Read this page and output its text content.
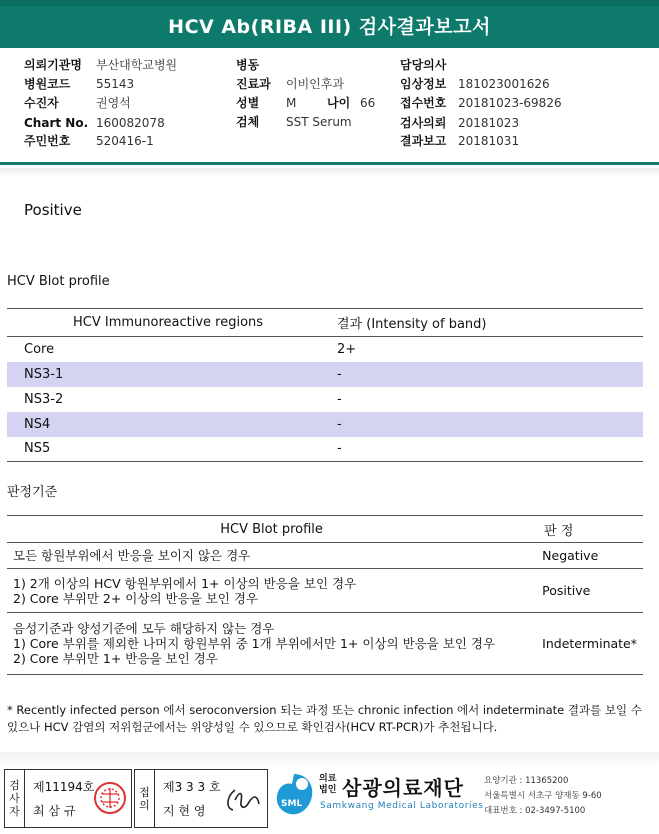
HCV Ab(RIBA III) 검사결과보고서
의뢰기관명 부산대학교병원
병원코드 55143
수진자	권영석
Chart No. 160082078
주민번호 520416-1
병동
진료과 이비인후과
성별 M	나이 66
검체 SST Serum
담당의사
임상정보 181023001626
접수번호 20181023-69826
검사의뢰 20181023
결과보고 20181031
Positive
HCV Blot profile
HCV Immunoreactive regions	결과 (Intensity of band)
Core	2+
NS3-1	-
NS3-2	-
NS4	-
NS5	-
판정기준
HCV Blot profile	판 정

모든 항원부위에서 반응을 보이지 않은 경우	Negative

1) 2개 이상의 HCV 항원부위에서 1+ 이상의 반응을 보인 경우
2) Core 부위만 2+ 이상의 반응을 보인 경우	Positive

음성기준과 양성기준에 모두 해당하지 않는 경우
1) Core 부위를 제외한 나머지 항원부위 중 1개 부위에서만 1+ 이상의 반응을 보인 경우
2) Core 부위만 1+ 반응을 보인 경우	Indeterminate*
* Recently infected person 에서 seroconversion 되는 과정 또는 chronic infection 에서 indeterminate 결과를 보일 수 있으나 HCV 감염의 저위험군에서는 위양성일 수 있으므로 확인검사(HCV RT-PCR)가 추천됩니다.
검
사
자
제11194호
최 삼 규
접
의
제3 3 3 호
지 현 영	SML
의료
법인 삼광의료재단
Samkwang Medical Laboratories
요양기관 : 11365200
서울특별시 서초구 양재동 9-60
대표번호 : 02-3497-5100
